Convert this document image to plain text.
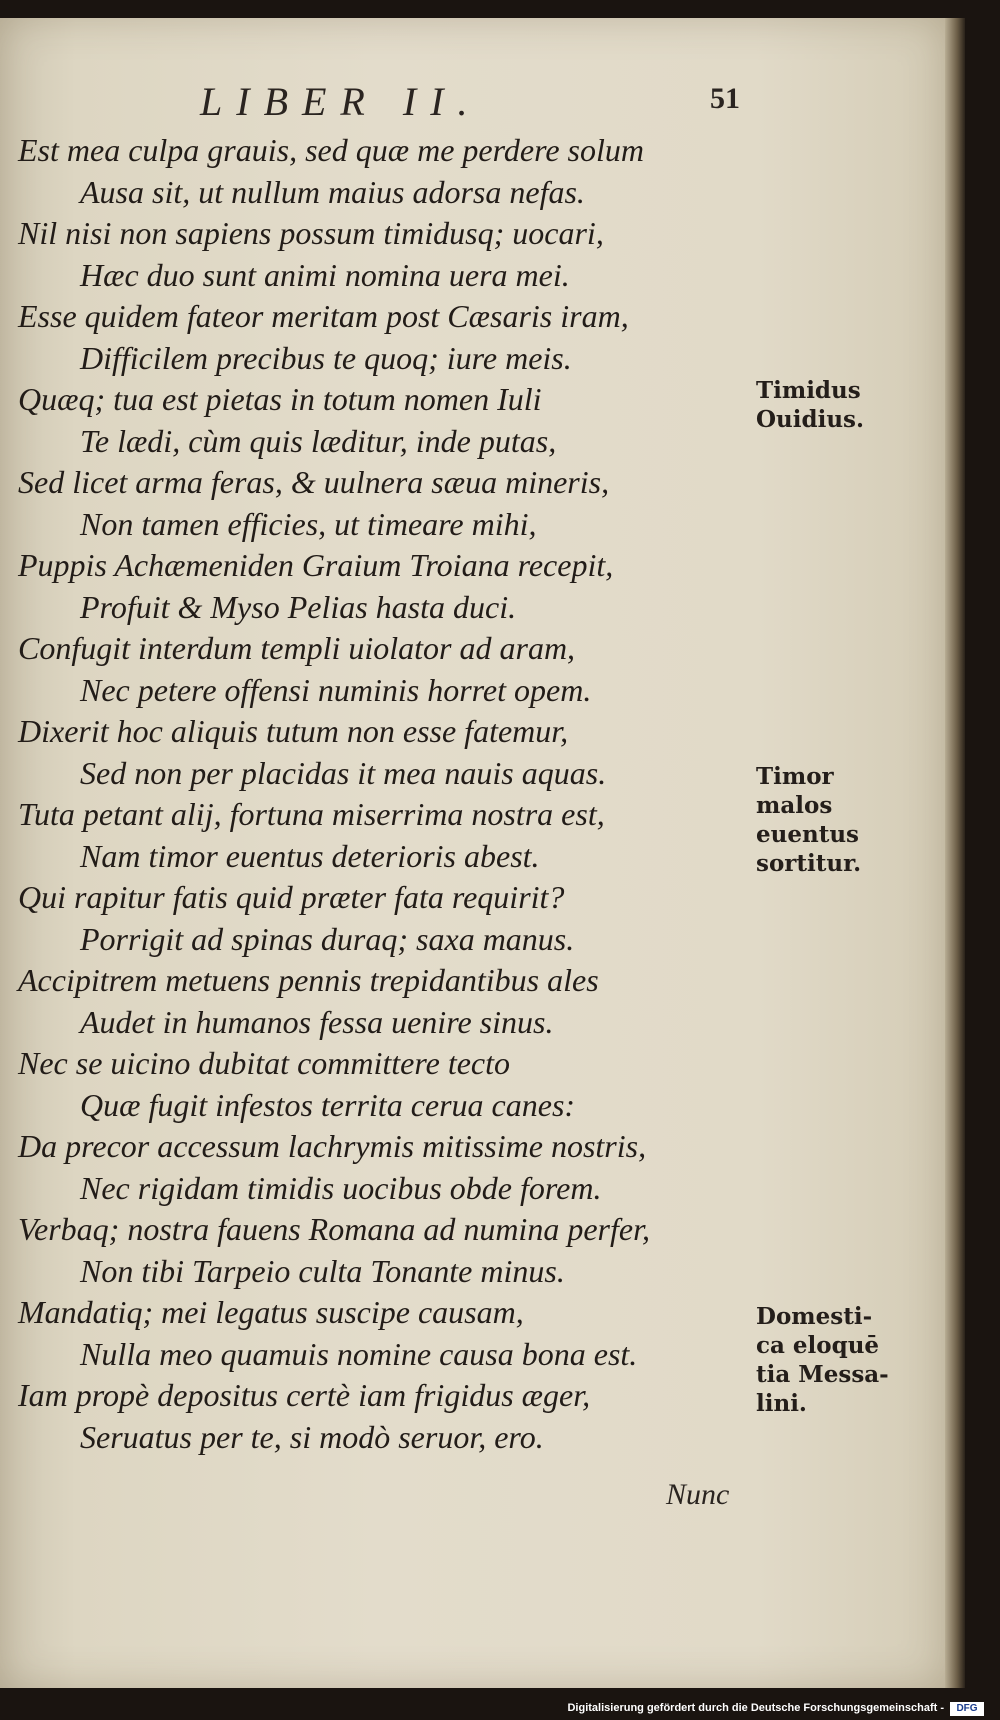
LIBER II.	51
Est mea culpa grauis, sed quæ me perdere solum
Ausa sit, ut nullum maius adorsa nefas.
Nil nisi non sapiens possum timidusq; uocari,
Hæc duo sunt animi nomina uera mei.
Esse quidem fateor meritam post Cæsaris iram,
Difficilem precibus te quoq; iure meis.
Quæq; tua est pietas in totum nomen Iuli
Te lædi, cùm quis læditur, inde putas,
Sed licet arma feras, & uulnera sæua mineris,
Non tamen efficies, ut timeare mihi,
Puppis Achæmeniden Graium Troiana recepit,
Profuit & Myso Pelias hasta duci.
Confugit interdum templi uiolator ad aram,
Nec petere offensi numinis horret opem.
Dixerit hoc aliquis tutum non esse fatemur,
Sed non per placidas it mea nauis aquas.
Tuta petant alij, fortuna miserrima nostra est,
Nam timor euentus deterioris abest.
Qui rapitur fatis quid præter fata requirit?
Porrigit ad spinas duraq; saxa manus.
Accipitrem metuens pennis trepidantibus ales
Audet in humanos fessa uenire sinus.
Nec se uicino dubitat committere tecto
Quæ fugit infestos territa cerua canes:
Da precor accessum lachrymis mitissime nostris,
Nec rigidam timidis uocibus obde forem.
Verbaq; nostra fauens Romana ad numina perfer,
Non tibi Tarpeio culta Tonante minus.
Mandatiq; mei legatus suscipe causam,
Nulla meo quamuis nomine causa bona est.
Iam propè depositus certè iam frigidus æger,
Seruatus per te, si modò seruor, ero.
Timidus
Ouidius.
Timor
malos
euentus
sortitur.
Domesti-
ca eloquē
tia Messa-
lini.
Nunc
Digitalisierung gefördert durch die Deutsche Forschungsgemeinschaft -	DFG
